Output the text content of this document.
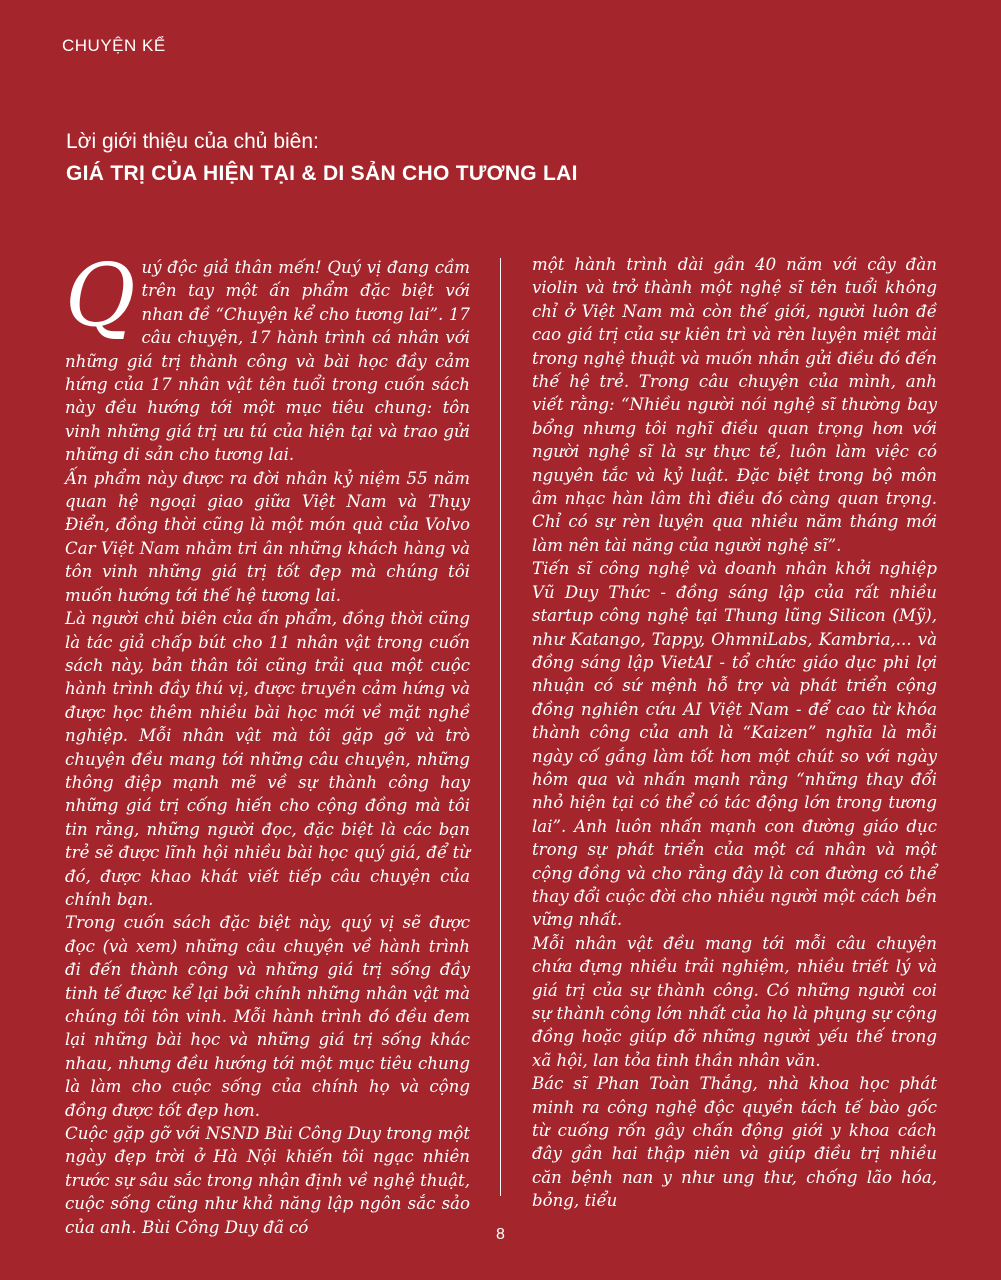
CHUYỆN KỂ
Lời giới thiệu của chủ biên:
GIÁ TRỊ CỦA HIỆN TẠI & DI SẢN CHO TƯƠNG LAI
Q uý độc giả thân mến! Quý vị đang cầm trên tay một ấn phẩm đặc biệt với nhan đề “Chuyện kể cho tương lai”. 17 câu chuyện, 17 hành trình cá nhân với những giá trị thành công và bài học đầy cảm hứng của 17 nhân vật tên tuổi trong cuốn sách này đều hướng tới một mục tiêu chung: tôn vinh những giá trị ưu tú của hiện tại và trao gửi những di sản cho tương lai.

Ấn phẩm này được ra đời nhân kỷ niệm 55 năm quan hệ ngoại giao giữa Việt Nam và Thụy Điển, đồng thời cũng là một món quà của Volvo Car Việt Nam nhằm tri ân những khách hàng và tôn vinh những giá trị tốt đẹp mà chúng tôi muốn hướng tới thế hệ tương lai.

Là người chủ biên của ấn phẩm, đồng thời cũng là tác giả chấp bút cho 11 nhân vật trong cuốn sách này, bản thân tôi cũng trải qua một cuộc hành trình đầy thú vị, được truyền cảm hứng và được học thêm nhiều bài học mới về mặt nghề nghiệp. Mỗi nhân vật mà tôi gặp gỡ và trò chuyện đều mang tới những câu chuyện, những thông điệp mạnh mẽ về sự thành công hay những giá trị cống hiến cho cộng đồng mà tôi tin rằng, những người đọc, đặc biệt là các bạn trẻ sẽ được lĩnh hội nhiều bài học quý giá, để từ đó, được khao khát viết tiếp câu chuyện của chính bạn.

Trong cuốn sách đặc biệt này, quý vị sẽ được đọc (và xem) những câu chuyện về hành trình đi đến thành công và những giá trị sống đầy tinh tế được kể lại bởi chính những nhân vật mà chúng tôi tôn vinh. Mỗi hành trình đó đều đem lại những bài học và những giá trị sống khác nhau, nhưng đều hướng tới một mục tiêu chung là làm cho cuộc sống của chính họ và cộng đồng được tốt đẹp hơn.

Cuộc gặp gỡ với NSND Bùi Công Duy trong một ngày đẹp trời ở Hà Nội khiến tôi ngạc nhiên trước sự sâu sắc trong nhận định về nghệ thuật, cuộc sống cũng như khả năng lập ngôn sắc sảo của anh. Bùi Công Duy đã có

một hành trình dài gần 40 năm với cây đàn violin và trở thành một nghệ sĩ tên tuổi không chỉ ở Việt Nam mà còn thế giới, người luôn đề cao giá trị của sự kiên trì và rèn luyện miệt mài trong nghệ thuật và muốn nhắn gửi điều đó đến thế hệ trẻ. Trong câu chuyện của mình, anh viết rằng: “Nhiều người nói nghệ sĩ thường bay bổng nhưng tôi nghĩ điều quan trọng hơn với người nghệ sĩ là sự thực tế, luôn làm việc có nguyên tắc và kỷ luật. Đặc biệt trong bộ môn âm nhạc hàn lâm thì điều đó càng quan trọng. Chỉ có sự rèn luyện qua nhiều năm tháng mới làm nên tài năng của người nghệ sĩ”.

Tiến sĩ công nghệ và doanh nhân khởi nghiệp Vũ Duy Thức - đồng sáng lập của rất nhiều startup công nghệ tại Thung lũng Silicon (Mỹ), như Katango, Tappy, OhmniLabs, Kambria,... và đồng sáng lập VietAI - tổ chức giáo dục phi lợi nhuận có sứ mệnh hỗ trợ và phát triển cộng đồng nghiên cứu AI Việt Nam - để cao từ khóa thành công của anh là “Kaizen” nghĩa là mỗi ngày cố gắng làm tốt hơn một chút so với ngày hôm qua và nhấn mạnh rằng “những thay đổi nhỏ hiện tại có thể có tác động lớn trong tương lai”. Anh luôn nhấn mạnh con đường giáo dục trong sự phát triển của một cá nhân và một cộng đồng và cho rằng đây là con đường có thể thay đổi cuộc đời cho nhiều người một cách bền vững nhất.

Mỗi nhân vật đều mang tới mỗi câu chuyện chứa đựng nhiều trải nghiệm, nhiều triết lý và giá trị của sự thành công. Có những người coi sự thành công lớn nhất của họ là phụng sự cộng đồng hoặc giúp đỡ những người yếu thế trong xã hội, lan tỏa tinh thần nhân văn.

Bác sĩ Phan Toàn Thắng, nhà khoa học phát minh ra công nghệ độc quyền tách tế bào gốc từ cuống rốn gây chấn động giới y khoa cách đây gần hai thập niên và giúp điều trị nhiều căn bệnh nan y như ung thư, chống lão hóa, bỏng, tiểu

8
